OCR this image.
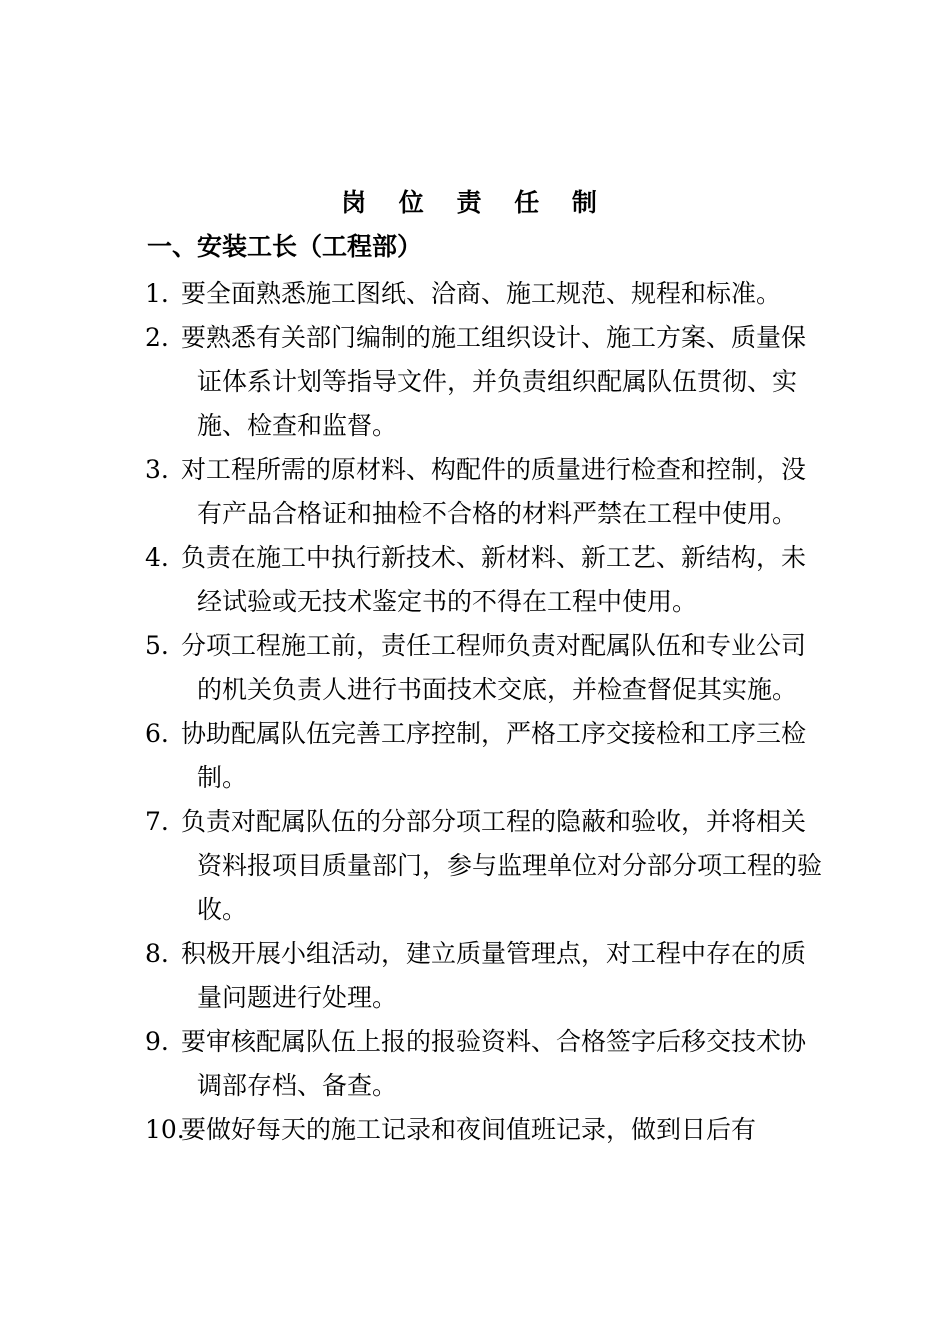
岗 位 责 任 制
一、安装工长（工程部）
1. 要全面熟悉施工图纸、洽商、施工规范、规程和标准。
2. 要熟悉有关部门编制的施工组织设计、施工方案、质量保证体系计划等指导文件，并负责组织配属队伍贯彻、实施、检查和监督。
3. 对工程所需的原材料、构配件的质量进行检查和控制，没有产品合格证和抽检不合格的材料严禁在工程中使用。
4. 负责在施工中执行新技术、新材料、新工艺、新结构，未经试验或无技术鉴定书的不得在工程中使用。
5. 分项工程施工前，责任工程师负责对配属队伍和专业公司的机关负责人进行书面技术交底，并检查督促其实施。
6. 协助配属队伍完善工序控制，严格工序交接检和工序三检制。
7. 负责对配属队伍的分部分项工程的隐蔽和验收，并将相关资料报项目质量部门，参与监理单位对分部分项工程的验收。
8. 积极开展小组活动，建立质量管理点，对工程中存在的质量问题进行处理。
9. 要审核配属队伍上报的报验资料、合格签字后移交技术协调部存档、备查。
10.
要做好每天的施工记录和夜间值班记录，做到日后有
